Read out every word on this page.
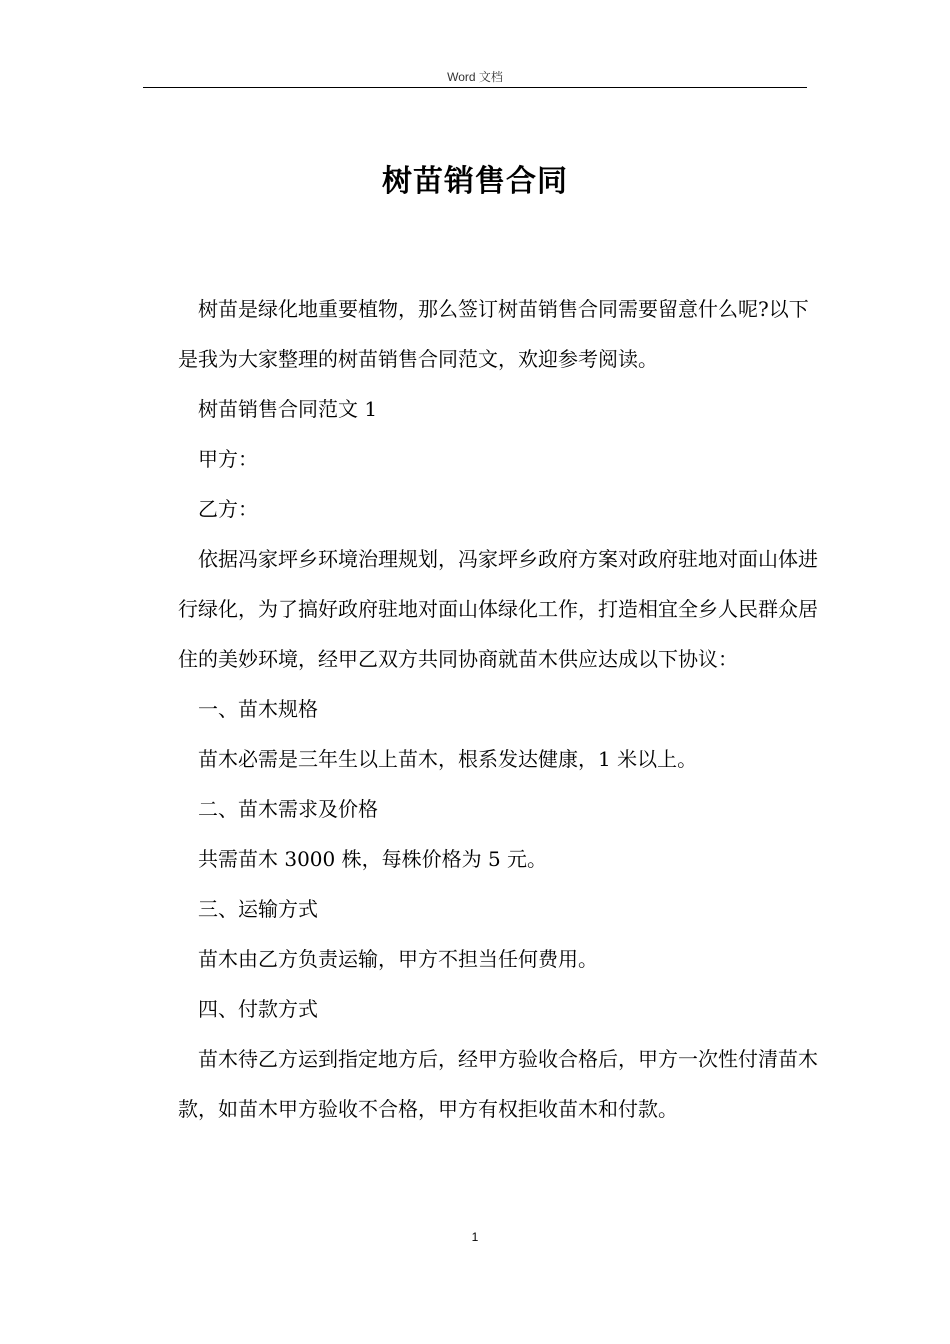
Word 文档
树苗销售合同

树苗是绿化地重要植物，那么签订树苗销售合同需要留意什么呢?以下是我为大家整理的树苗销售合同范文，欢迎参考阅读。

树苗销售合同范文 1

甲方：

乙方：

依据冯家坪乡环境治理规划，冯家坪乡政府方案对政府驻地对面山体进行绿化，为了搞好政府驻地对面山体绿化工作，打造相宜全乡人民群众居住的美妙环境，经甲乙双方共同协商就苗木供应达成以下协议：

一、苗木规格

苗木必需是三年生以上苗木，根系发达健康，1 米以上。

二、苗木需求及价格

共需苗木 3000 株，每株价格为 5 元。

三、运输方式

苗木由乙方负责运输，甲方不担当任何费用。

四、付款方式

苗木待乙方运到指定地方后，经甲方验收合格后，甲方一次性付清苗木款，如苗木甲方验收不合格，甲方有权拒收苗木和付款。

1
